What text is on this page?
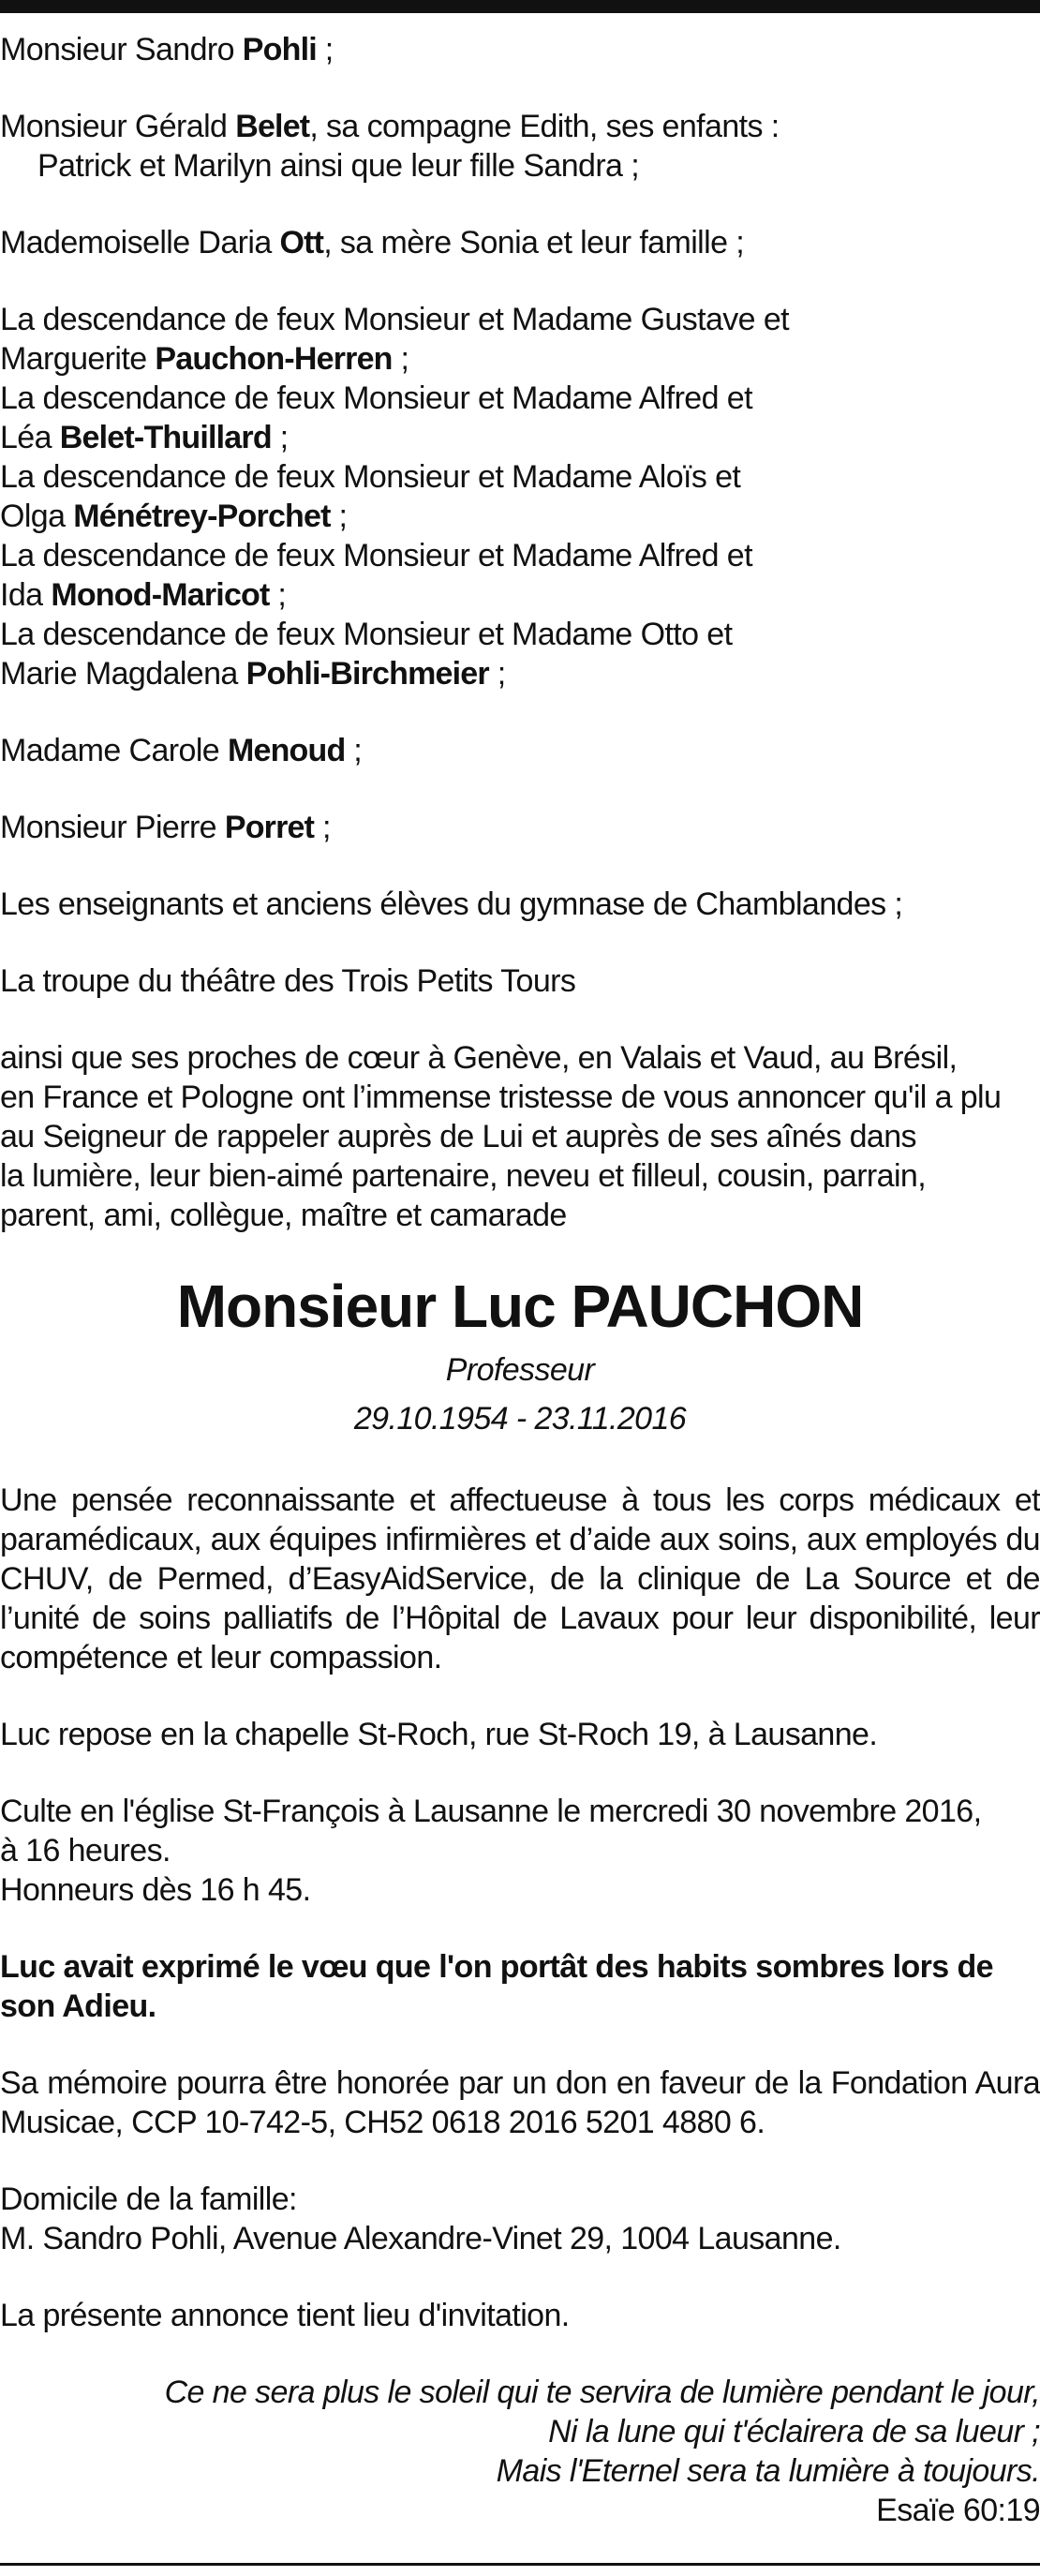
Monsieur Sandro Pohli ;

Monsieur Gérald Belet, sa compagne Edith, ses enfants :

Patrick et Marilyn ainsi que leur fille Sandra ;

Mademoiselle Daria Ott, sa mère Sonia et leur famille ;

La descendance de feux Monsieur et Madame Gustave et

Marguerite Pauchon-Herren ;

La descendance de feux Monsieur et Madame Alfred et

Léa Belet-Thuillard ;

La descendance de feux Monsieur et Madame Aloïs et

Olga Ménétrey-Porchet ;

La descendance de feux Monsieur et Madame Alfred et

Ida Monod-Maricot ;

La descendance de feux Monsieur et Madame Otto et

Marie Magdalena Pohli-Birchmeier ;

Madame Carole Menoud ;

Monsieur Pierre Porret ;

Les enseignants et anciens élèves du gymnase de Chamblandes ;

La troupe du théâtre des Trois Petits Tours

ainsi que ses proches de cœur à Genève, en Valais et Vaud, au Brésil,

en France et Pologne ont l’immense tristesse de vous annoncer qu'il a plu

au Seigneur de rappeler auprès de Lui et auprès de ses aînés dans

la lumière, leur bien-aimé partenaire, neveu et filleul, cousin, parrain,

parent, ami, collègue, maître et camarade

Monsieur Luc PAUCHON

Professeur

29.10.1954 - 23.11.2016

Une pensée reconnaissante et affectueuse à tous les corps médicaux et paramédicaux, aux équipes infirmières et d’aide aux soins, aux employés du CHUV, de Permed, d’EasyAidService, de la clinique de La Source et de l’unité de soins palliatifs de l’Hôpital de Lavaux pour leur disponibilité, leur compétence et leur compassion.

Luc repose en la chapelle St-Roch, rue St-Roch 19, à Lausanne.

Culte en l'église St-François à Lausanne le mercredi 30 novembre 2016,

à 16 heures.

Honneurs dès 16 h 45.

Luc avait exprimé le vœu que l'on portât des habits sombres lors de son Adieu.

Sa mémoire pourra être honorée par un don en faveur de la Fondation Aura Musicae, CCP 10-742-5, CH52 0618 2016 5201 4880 6.

Domicile de la famille:

M. Sandro Pohli, Avenue Alexandre-Vinet 29, 1004 Lausanne.

La présente annonce tient lieu d'invitation.

Ce ne sera plus le soleil qui te servira de lumière pendant le jour,

Ni la lune qui t'éclairera de sa lueur ;

Mais l'Eternel sera ta lumière à toujours.

Esaïe 60:19
